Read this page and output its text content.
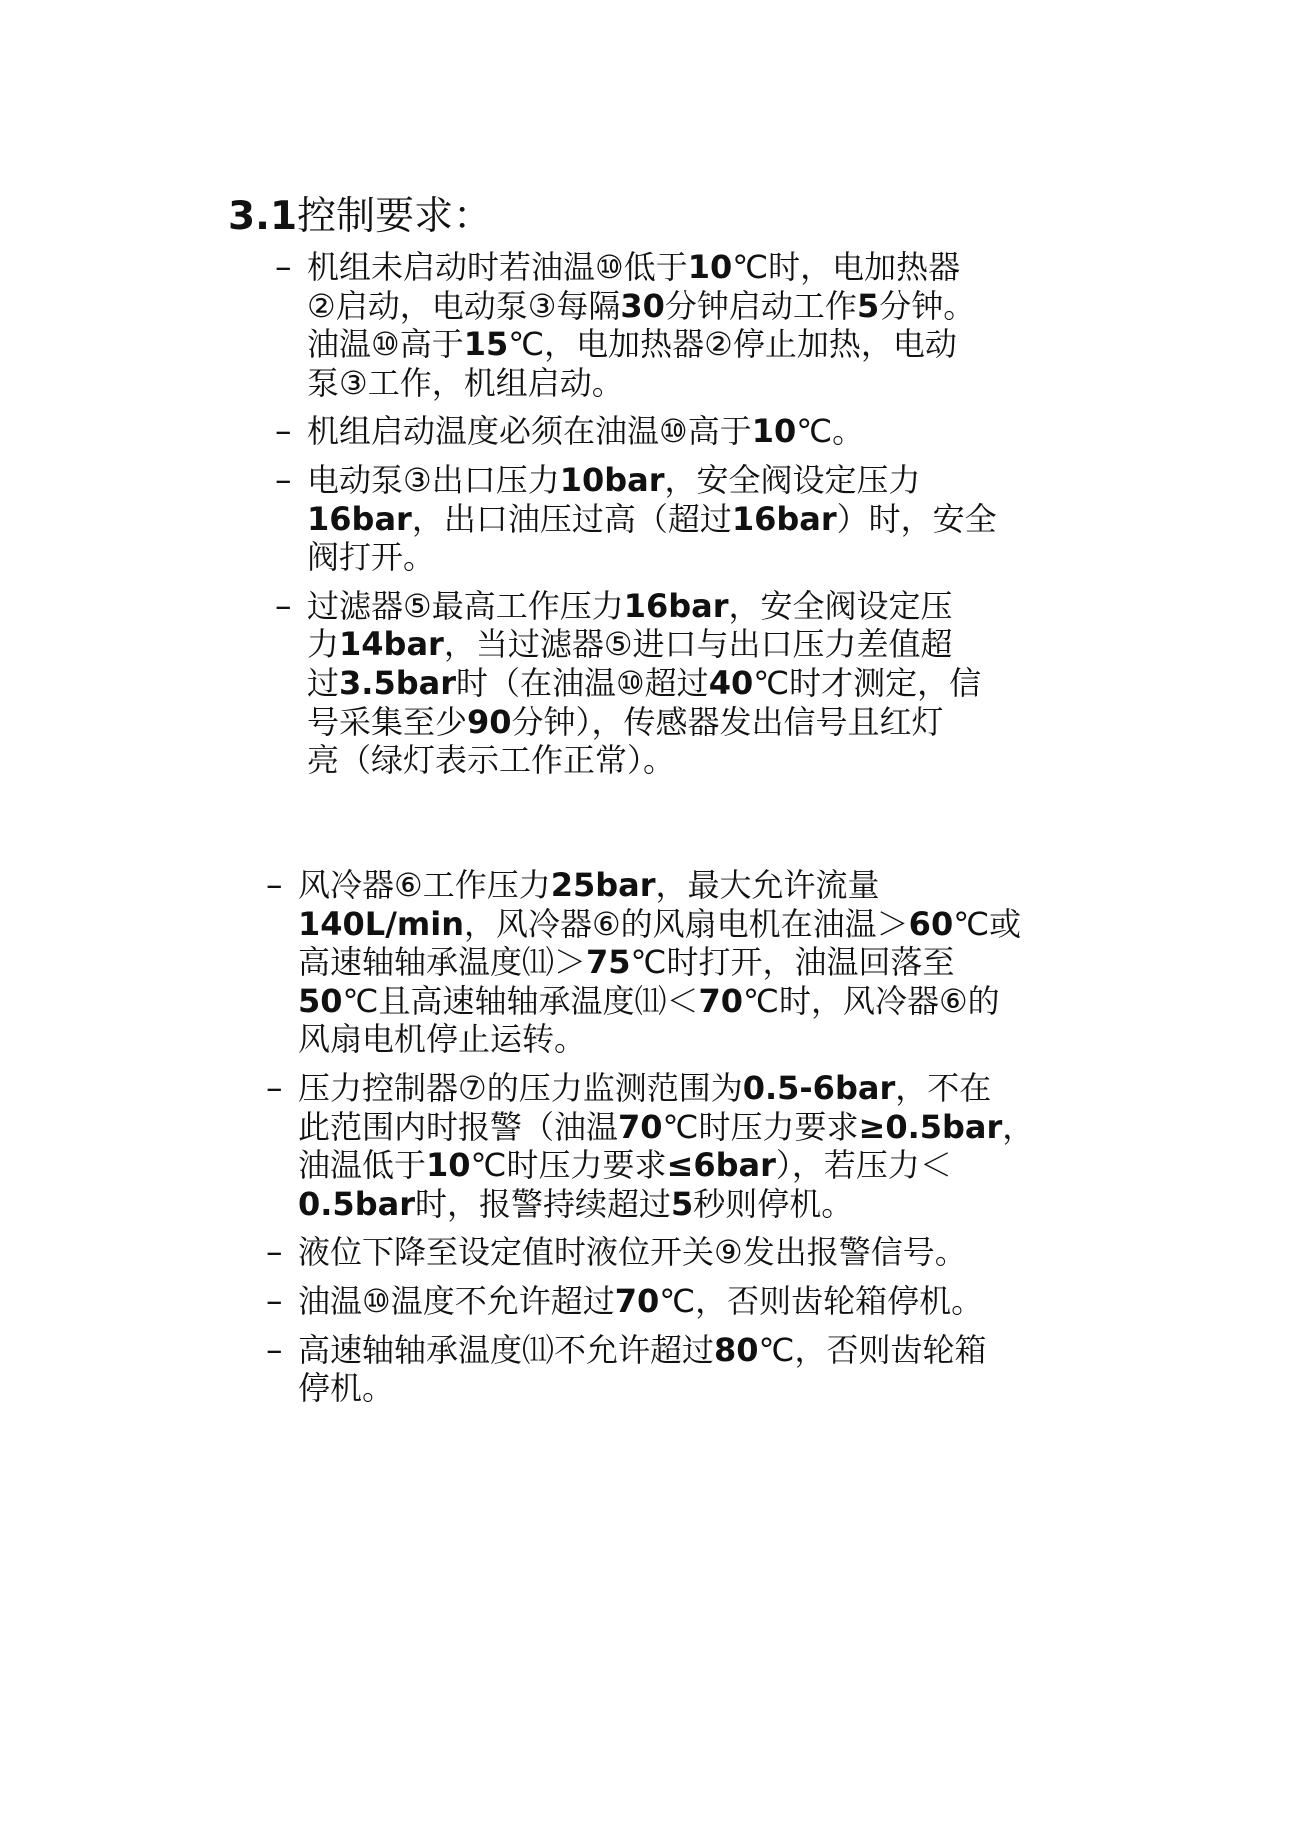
3.1控制要求：
– 机组未启动时若油温⑩低于10℃时，电加热器
②启动，电动泵③每隔30分钟启动工作5分钟。
油温⑩高于15℃，电加热器②停止加热，电动
泵③工作，机组启动。
– 机组启动温度必须在油温⑩高于10℃。
– 电动泵③出口压力10bar，安全阀设定压力
16bar，出口油压过高（超过16bar）时，安全
阀打开。
– 过滤器⑤最高工作压力16bar，安全阀设定压
力14bar，当过滤器⑤进口与出口压力差值超
过3.5bar时（在油温⑩超过40℃时才测定，信
号采集至少90分钟），传感器发出信号且红灯
亮（绿灯表示工作正常）。
– 风冷器⑥工作压力25bar，最大允许流量
140L/min，风冷器⑥的风扇电机在油温＞60℃或
高速轴轴承温度⑾＞75℃时打开，油温回落至
50℃且高速轴轴承温度⑾＜70℃时，风冷器⑥的
风扇电机停止运转。
– 压力控制器⑦的压力监测范围为0.5-6bar，不在
此范围内时报警（油温70℃时压力要求≥0.5bar，
油温低于10℃时压力要求≤6bar），若压力＜
0.5bar时，报警持续超过5秒则停机。
– 液位下降至设定值时液位开关⑨发出报警信号。
– 油温⑩温度不允许超过70℃，否则齿轮箱停机。
– 高速轴轴承温度⑾不允许超过80℃，否则齿轮箱
停机。
